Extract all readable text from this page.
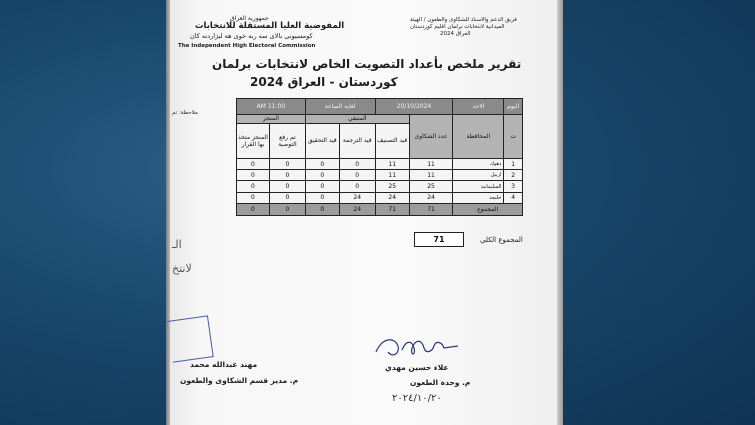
جمهورية العراق
المفوضية العليا المستقلة للانتخابات
كومسيونی بالاى سه ربه خوى هه لبژاردنه كان
The Independent High Electoral Commission
فريق الدعم والاسناد للشكاوى والطعون / الهيئة
الميدانية لانتخابات برلمان اقليم كوردستان
العراق 2024
تقرير ملخص بأعداد التصويت الخاص لانتخابات برلمان
كوردستان - العراق 2024
ملاحظة: تم
اليوم	الاحد	20/10/2024		لغاية الساعة		11:00 AM	
ت	المحافظة	عدد الشكاوى	المتبقي			المنجز	
			قيد التصنيف	قيد الترجمة	قيد التحقيق	تم رفع التوصية	المنجز متخذ بها القرار
1	دهوك	11	11	0	0	0	0
2	اربيل	11	11	0	0	0	0
3	السليمانية	25	25	0	0	0	0
4	حلبجة	24	24	24	0	0	0
المجموع		71	71	24	0	0	0
المجموع الكلي
71
الـ
لانتخ
مهند عبدالله محمد
م. مدير قسم الشكاوى والطعون
علاء حسين مهدي
م. وحدة الطعون
٢٠٢٤/١٠/٢٠
